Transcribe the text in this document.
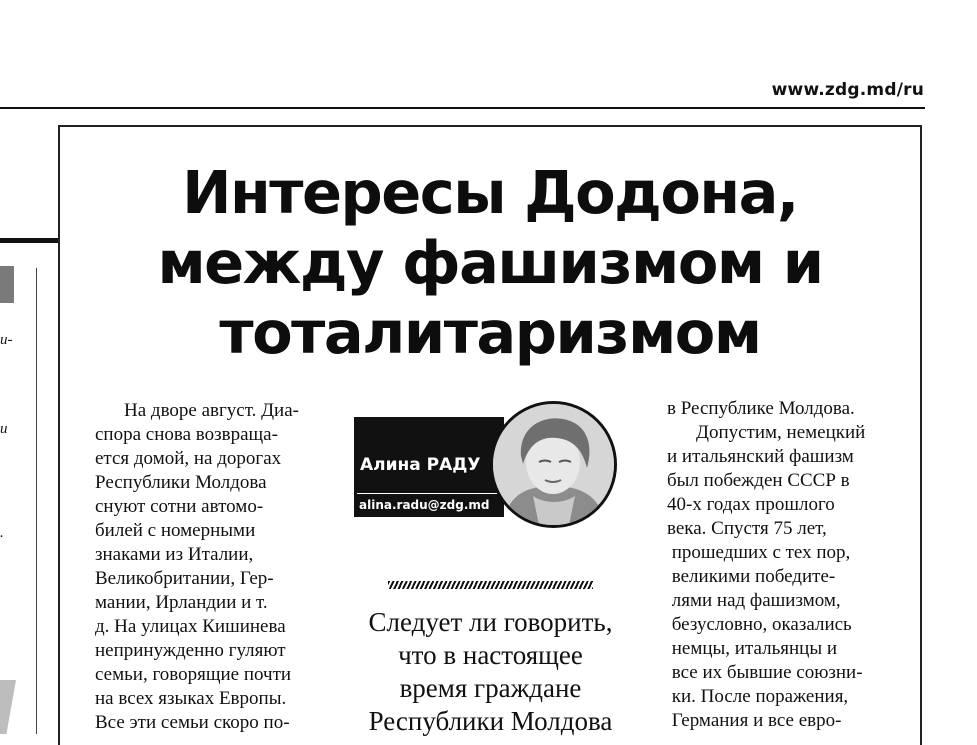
www.zdg.md/ru
и-
и
.
Интересы Додона,
между фашизмом и
тоталитаризмом

На дворе август. Диа-

спора снова возвраща-

ется домой, на дорогах

Республики Молдова

снуют сотни автомо-

билей с номерными

знаками из Италии,

Великобритании, Гер-

мании, Ирландии и т.

д. На улицах Кишинева

непринужденно гуляют

семьи, говорящие почти

на всех языках Европы.

Все эти семьи скоро по-

Алина РАДУ
alina.radu@zdg.md

Следует ли говорить,

что в настоящее

время граждане

Республики Молдова

в Республике Молдова.

Допустим, немецкий

и итальянский фашизм

был побежден СССР в

40-х годах прошлого

века. Спустя 75 лет,

прошедших с тех пор,

великими победите-

лями над фашизмом,

безусловно, оказались

немцы, итальянцы и

все их бывшие союзни-

ки. После поражения,

Германия и все евро-
